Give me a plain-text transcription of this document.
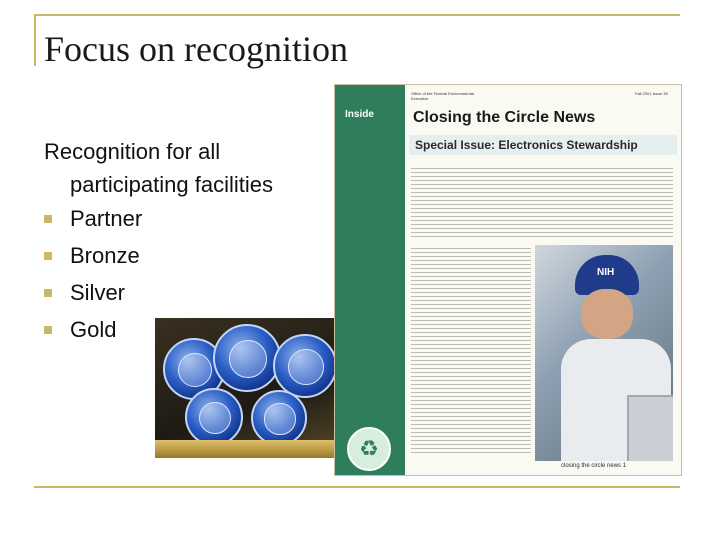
Focus on recognition

Recognition for all
participating facilities

Partner
Bronze
Silver
Gold
Inside
♻
Office of the Federal Environmental Executive
Fall 2001 Issue 35
Closing the Circle News
Special Issue: Electronics Stewardship
NIH
closing the circle news 1
